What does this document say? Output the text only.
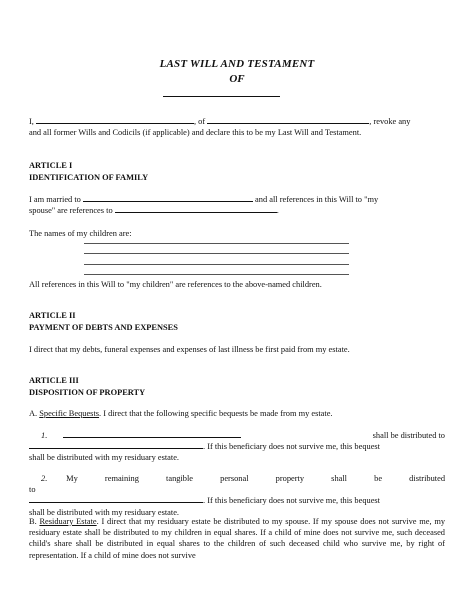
LAST WILL AND TESTAMENT
OF
I,	, of	, revoke any
and all former Wills and Codicils (if applicable) and declare this to be my Last Will and Testament.
ARTICLE I
IDENTIFICATION OF FAMILY
I am married to	and all references in this Will to "my
spouse" are references to	.
The names of my children are:
All references in this Will to "my children" are references to the above-named children.
ARTICLE II
PAYMENT OF DEBTS AND EXPENSES
I direct that my debts, funeral expenses and expenses of last illness be first paid from my estate.
ARTICLE III
DISPOSITION OF PROPERTY
A. Specific Bequests. I direct that the following specific bequests be made from my estate.
1.	shall be distributed to

. If this beneficiary does not survive me, this bequest
shall be distributed with my residuary estate.
2. My remaining tangible personal property shall be distributed to
. If this beneficiary does not survive me, this bequest
shall be distributed with my residuary estate.
B. Residuary Estate. I direct that my residuary estate be distributed to my spouse. If my spouse does not survive me, my residuary estate shall be distributed to my children in equal shares. If a child of mine does not survive me, such deceased child's share shall be distributed in equal shares to the children of such deceased child who survive me, by right of representation. If a child of mine does not survive
